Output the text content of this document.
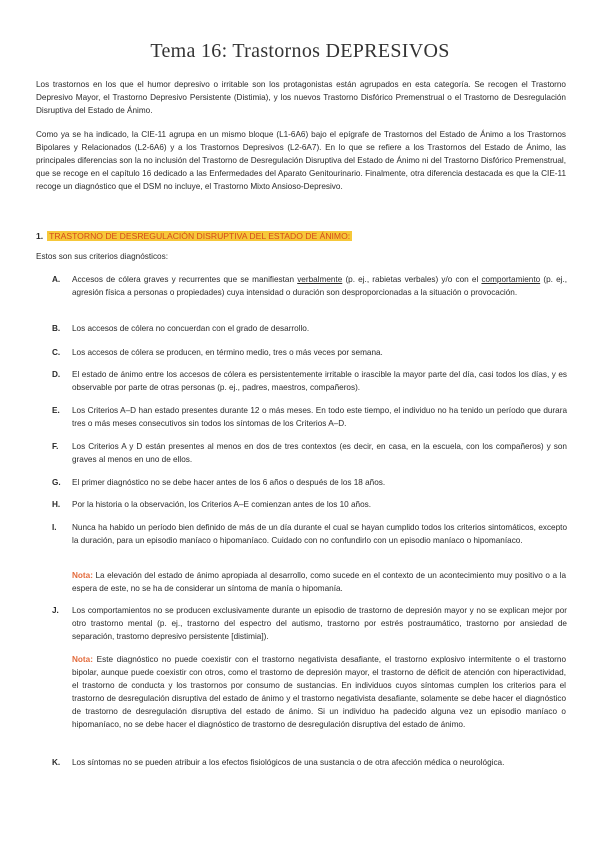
Tema 16: Trastornos DEPRESIVOS
Los trastornos en los que el humor depresivo o irritable son los protagonistas están agrupados en esta categoría. Se recogen el Trastorno Depresivo Mayor, el Trastorno Depresivo Persistente (Distimia), y los nuevos Trastorno Disfórico Premenstrual o el Trastorno de Desregulación Disruptiva del Estado de Ánimo.
Como ya se ha indicado, la CIE-11 agrupa en un mismo bloque (L1-6A6) bajo el epígrafe de Trastornos del Estado de Ánimo a los Trastornos Bipolares y Relacionados (L2-6A6) y a los Trastornos Depresivos (L2-6A7). En lo que se refiere a los Trastornos del Estado de Ánimo, las principales diferencias son la no inclusión del Trastorno de Desregulación Disruptiva del Estado de Ánimo ni del Trastorno Disfórico Premenstrual, que se recoge en el capítulo 16 dedicado a las Enfermedades del Aparato Genitourinario. Finalmente, otra diferencia destacada es que la CIE-11 recoge un diagnóstico que el DSM no incluye, el Trastorno Mixto Ansioso-Depresivo.
1. TRASTORNO DE DESREGULACIÓN DISRUPTIVA DEL ESTADO DE ÁNIMO:
Estos son sus criterios diagnósticos:
A. Accesos de cólera graves y recurrentes que se manifiestan verbalmente (p. ej., rabietas verbales) y/o con el comportamiento (p. ej., agresión física a personas o propiedades) cuya intensidad o duración son desproporcionadas a la situación o provocación.
B. Los accesos de cólera no concuerdan con el grado de desarrollo.
C. Los accesos de cólera se producen, en término medio, tres o más veces por semana.
D. El estado de ánimo entre los accesos de cólera es persistentemente irritable o irascible la mayor parte del día, casi todos los días, y es observable por parte de otras personas (p. ej., padres, maestros, compañeros).
E. Los Criterios A–D han estado presentes durante 12 o más meses. En todo este tiempo, el individuo no ha tenido un período que durara tres o más meses consecutivos sin todos los síntomas de los Criterios A–D.
F. Los Criterios A y D están presentes al menos en dos de tres contextos (es decir, en casa, en la escuela, con los compañeros) y son graves al menos en uno de ellos.
G. El primer diagnóstico no se debe hacer antes de los 6 años o después de los 18 años.
H. Por la historia o la observación, los Criterios A–E comienzan antes de los 10 años.
I. Nunca ha habido un período bien definido de más de un día durante el cual se hayan cumplido todos los criterios sintomáticos, excepto la duración, para un episodio maníaco o hipomaníaco. Cuidado con no confundirlo con un episodio maníaco o hipomaníaco.
Nota: La elevación del estado de ánimo apropiada al desarrollo, como sucede en el contexto de un acontecimiento muy positivo o a la espera de este, no se ha de considerar un síntoma de manía o hipomanía.
J. Los comportamientos no se producen exclusivamente durante un episodio de trastorno de depresión mayor y no se explican mejor por otro trastorno mental (p. ej., trastorno del espectro del autismo, trastorno por estrés postraumático, trastorno por ansiedad de separación, trastorno depresivo persistente [distimia]).
Nota: Este diagnóstico no puede coexistir con el trastorno negativista desafiante, el trastorno explosivo intermitente o el trastorno bipolar, aunque puede coexistir con otros, como el trastorno de depresión mayor, el trastorno de déficit de atención con hiperactividad, el trastorno de conducta y los trastornos por consumo de sustancias. En individuos cuyos síntomas cumplen los criterios para el trastorno de desregulación disruptiva del estado de ánimo y el trastorno negativista desafiante, solamente se debe hacer el diagnóstico de trastorno de desregulación disruptiva del estado de ánimo. Si un individuo ha padecido alguna vez un episodio maníaco o hipomaníaco, no se debe hacer el diagnóstico de trastorno de desregulación disruptiva del estado de ánimo.
K. Los síntomas no se pueden atribuir a los efectos fisiológicos de una sustancia o de otra afección médica o neurológica.
